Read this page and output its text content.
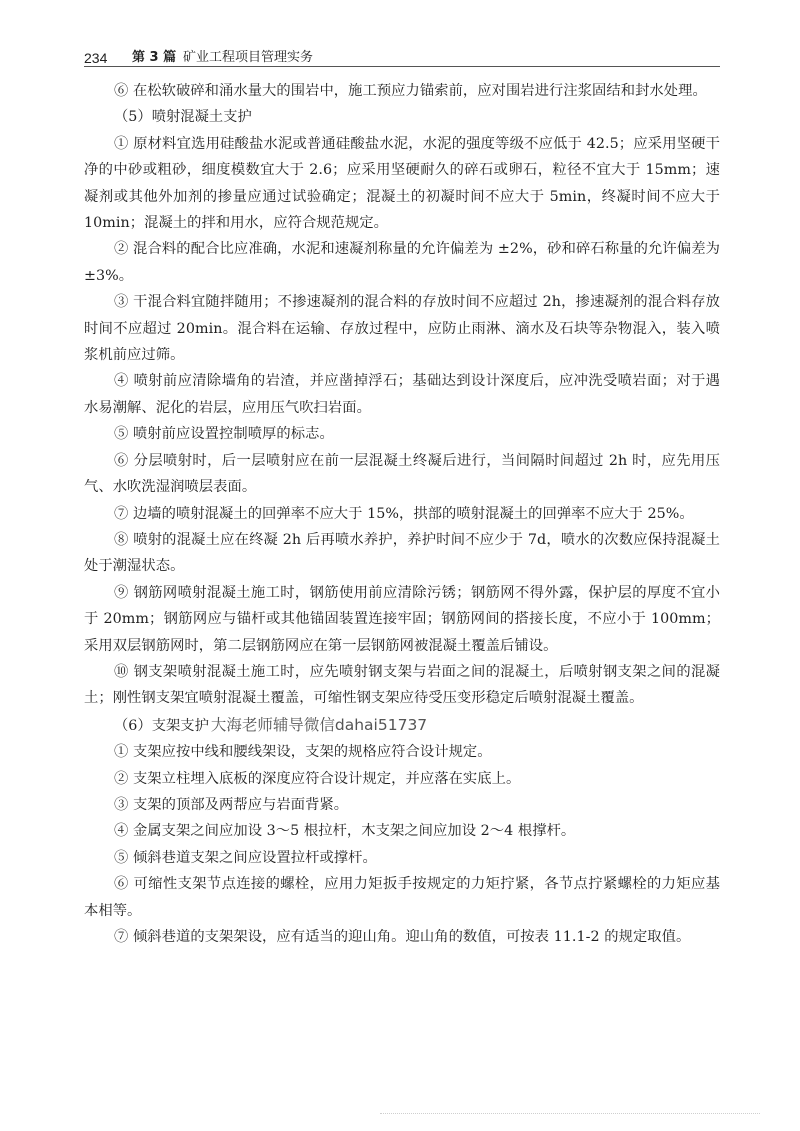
234 第 3 篇 矿业工程项目管理实务

⑥ 在松软破碎和涌水量大的围岩中，施工预应力锚索前，应对围岩进行注浆固结和封水处理。

（5）喷射混凝土支护

① 原材料宜选用硅酸盐水泥或普通硅酸盐水泥，水泥的强度等级不应低于 42.5；应采用坚硬干净的中砂或粗砂，细度模数宜大于 2.6；应采用坚硬耐久的碎石或卵石，粒径不宜大于 15mm；速凝剂或其他外加剂的掺量应通过试验确定；混凝土的初凝时间不应大于 5min，终凝时间不应大于 10min；混凝土的拌和用水，应符合规范规定。

② 混合料的配合比应准确，水泥和速凝剂称量的允许偏差为 ±2%，砂和碎石称量的允许偏差为 ±3%。

③ 干混合料宜随拌随用；不掺速凝剂的混合料的存放时间不应超过 2h，掺速凝剂的混合料存放时间不应超过 20min。混合料在运输、存放过程中，应防止雨淋、滴水及石块等杂物混入，装入喷浆机前应过筛。

④ 喷射前应清除墙角的岩渣，并应凿掉浮石；基础达到设计深度后，应冲洗受喷岩面；对于遇水易潮解、泥化的岩层，应用压气吹扫岩面。

⑤ 喷射前应设置控制喷厚的标志。

⑥ 分层喷射时，后一层喷射应在前一层混凝土终凝后进行，当间隔时间超过 2h 时，应先用压气、水吹洗湿润喷层表面。

⑦ 边墙的喷射混凝土的回弹率不应大于 15%，拱部的喷射混凝土的回弹率不应大于 25%。

⑧ 喷射的混凝土应在终凝 2h 后再喷水养护，养护时间不应少于 7d，喷水的次数应保持混凝土处于潮湿状态。

⑨ 钢筋网喷射混凝土施工时，钢筋使用前应清除污锈；钢筋网不得外露，保护层的厚度不宜小于 20mm；钢筋网应与锚杆或其他锚固装置连接牢固；钢筋网间的搭接长度，不应小于 100mm；采用双层钢筋网时，第二层钢筋网应在第一层钢筋网被混凝土覆盖后铺设。

⑩ 钢支架喷射混凝土施工时，应先喷射钢支架与岩面之间的混凝土，后喷射钢支架之间的混凝土；刚性钢支架宜喷射混凝土覆盖，可缩性钢支架应待受压变形稳定后喷射混凝土覆盖。

（6）支架支护 大海老师辅导微信dahai51737

① 支架应按中线和腰线架设，支架的规格应符合设计规定。

② 支架立柱埋入底板的深度应符合设计规定，并应落在实底上。

③ 支架的顶部及两帮应与岩面背紧。

④ 金属支架之间应加设 3～5 根拉杆，木支架之间应加设 2～4 根撑杆。

⑤ 倾斜巷道支架之间应设置拉杆或撑杆。

⑥ 可缩性支架节点连接的螺栓，应用力矩扳手按规定的力矩拧紧，各节点拧紧螺栓的力矩应基本相等。

⑦ 倾斜巷道的支架架设，应有适当的迎山角。迎山角的数值，可按表 11.1-2 的规定取值。
